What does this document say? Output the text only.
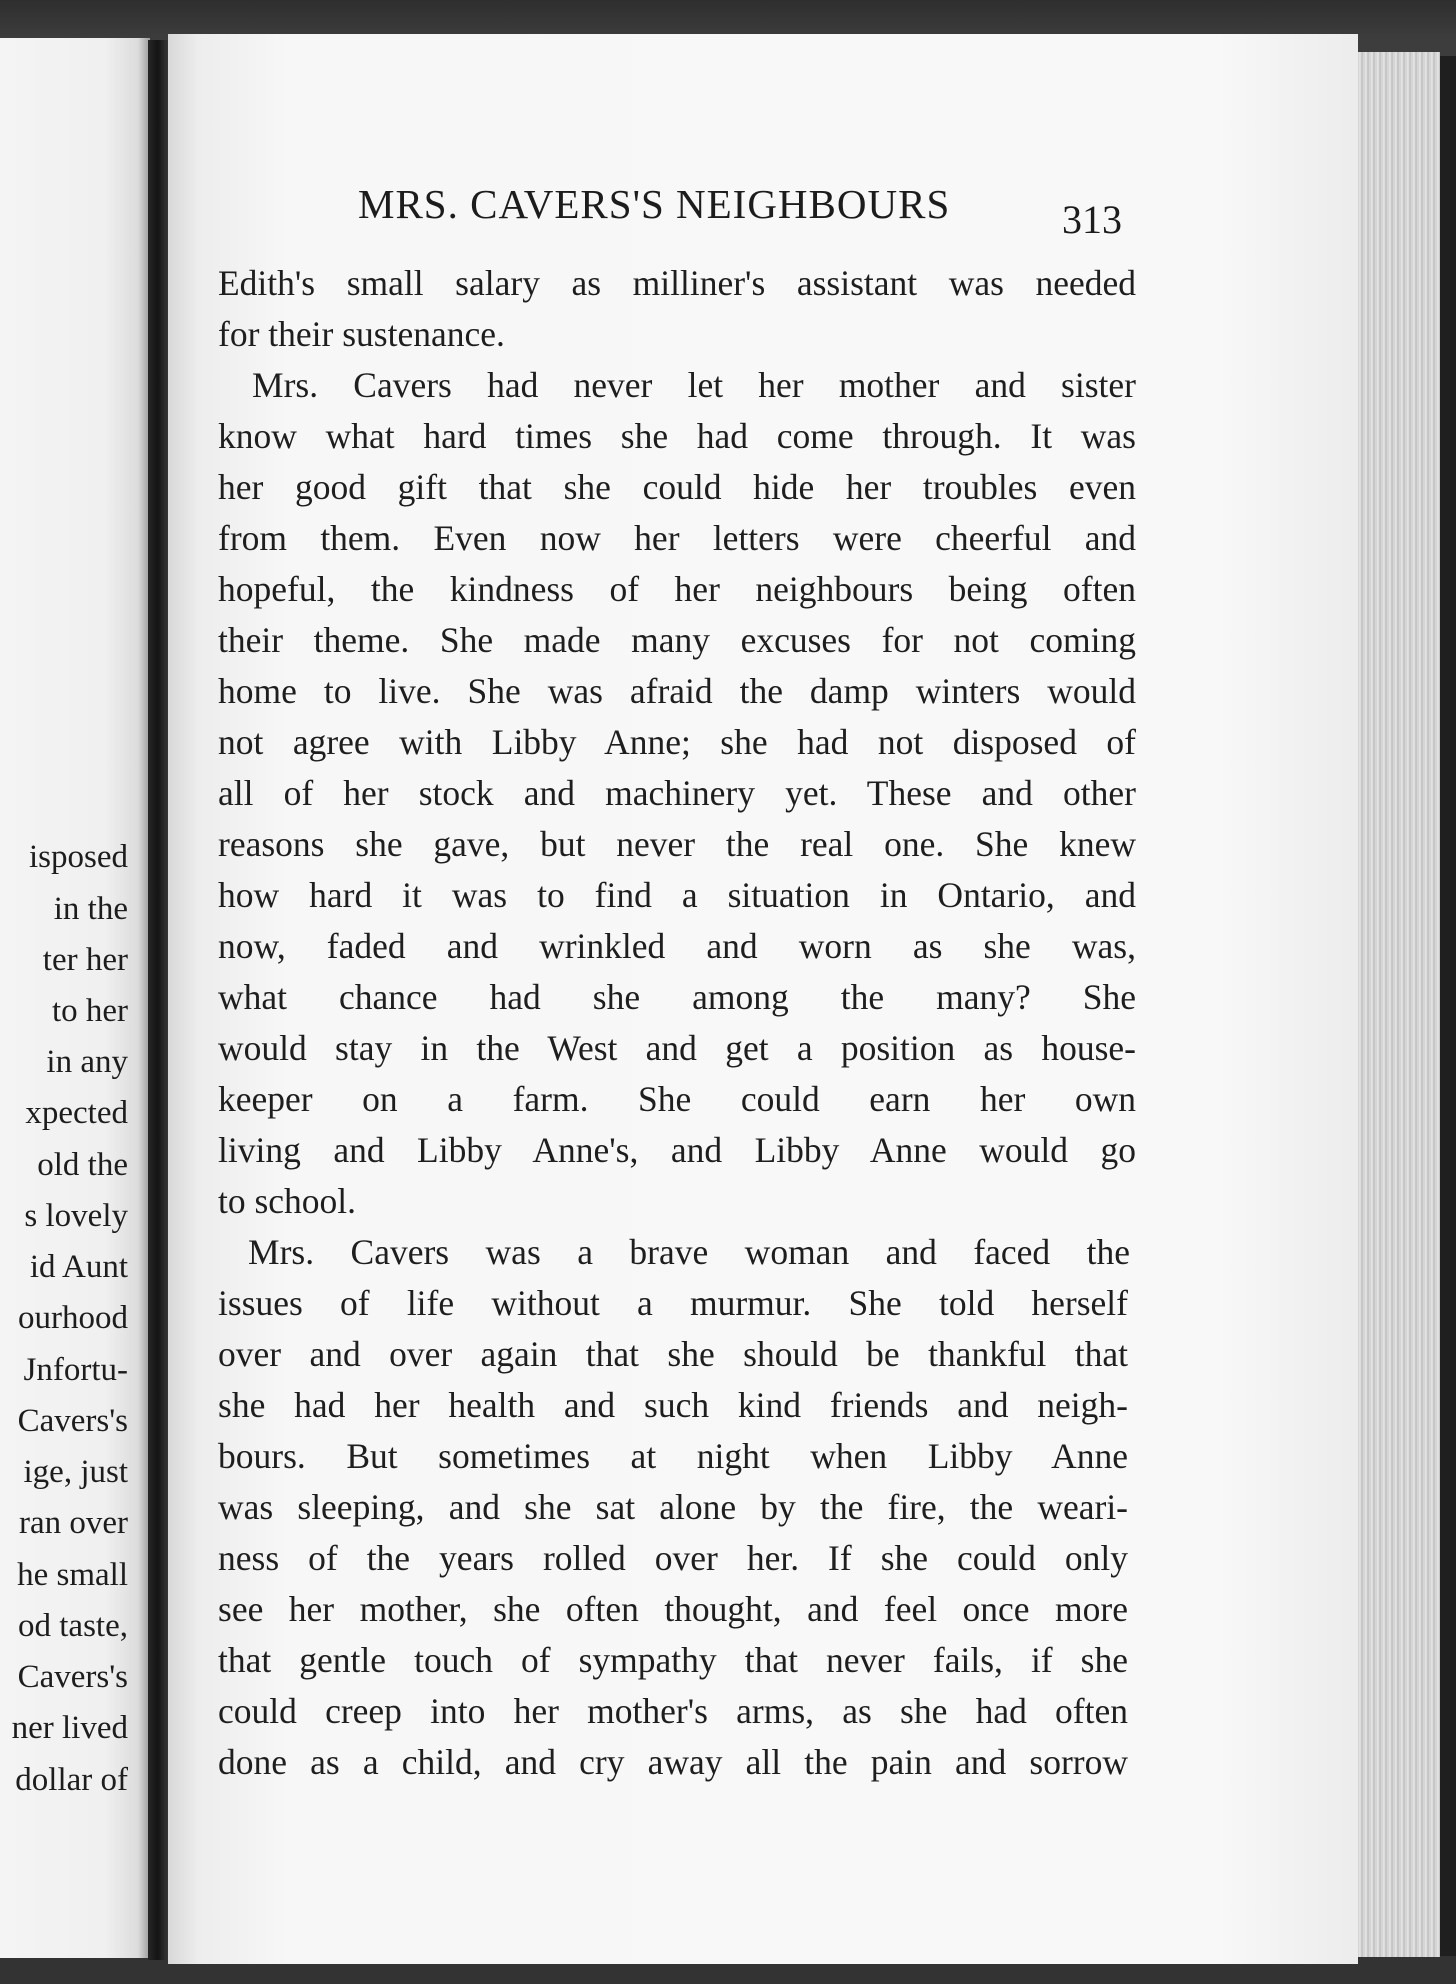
isposed
in the
ter her
to her
in any
xpected
old the
s lovely
id Aunt
ourhood
Jnfortu-
Cavers's
ige, just
ran over
he small
od taste,
Cavers's
ner lived
dollar of
MRS. CAVERS'S NEIGHBOURS	313
Edith's small salary as milliner's assistant was needed
for their sustenance.
Mrs. Cavers had never let her mother and sister
know what hard times she had come through. It was
her good gift that she could hide her troubles even
from them. Even now her letters were cheerful and
hopeful, the kindness of her neighbours being often
their theme. She made many excuses for not coming
home to live. She was afraid the damp winters would
not agree with Libby Anne; she had not disposed of
all of her stock and machinery yet. These and other
reasons she gave, but never the real one. She knew
how hard it was to find a situation in Ontario, and
now, faded and wrinkled and worn as she was,
what chance had she among the many? She
would stay in the West and get a position as house-
keeper on a farm. She could earn her own
living and Libby Anne's, and Libby Anne would go
to school.
Mrs. Cavers was a brave woman and faced the
issues of life without a murmur. She told herself
over and over again that she should be thankful that
she had her health and such kind friends and neigh-
bours. But sometimes at night when Libby Anne
was sleeping, and she sat alone by the fire, the weari-
ness of the years rolled over her. If she could only
see her mother, she often thought, and feel once more
that gentle touch of sympathy that never fails, if she
could creep into her mother's arms, as she had often
done as a child, and cry away all the pain and sorrow
